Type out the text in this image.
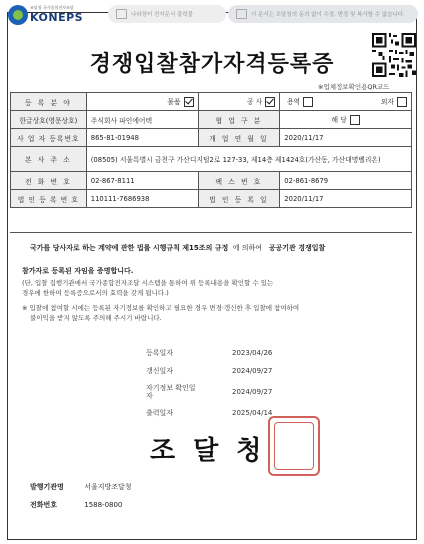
조달청 국가종합전자조달
KONEPS	나라장터 전자문서 출력물	이 문서는 조달청의 동의 없이 수정, 변경 및 복사할 수 없습니다.
※업체정보확인용QR코드
경쟁입찰참가자격등록증
등 록 분 야	물품	공 사	용역	외자
한글상호(영문상호)	주식회사 파인에어텍	협 업 구 분	해 당	
사 업 자 등록번호	865-81-01948	개 업 연 월 일	2020/11/17	
본 사 주 소	(08505) 서울특별시 금천구 가산디지털2로 127-33, 제14층 제1424호(가산동, 가산대명벨리온)			
전 화 번 호	02-867-8111	팩 스 번 호	02-861-8679	
법 인 등 록 번 호	110111-7686938	법 인 등 록 일	2020/11/17	
국가를 당사자로 하는 계약에 관한 법률 시행규칙 제15조의 규정 에 의하여 공공기관 경쟁입찰
참가자로 등록된 자임을 증명합니다.
(단, 입찰 집행기관에서 국가종합전자조달 시스템을 통하여 위 등록내용을 확인할 수 있는
경우에 한하여 등록증으로서의 효력을 갖게 됩니다.)
※ 입찰에 참여할 시에는 등록된 자기정보를 확인하고 필요한 경우 변경·갱신한 후 입찰에 참여하여
불이익을 받지 않도록 주의해 주시기 바랍니다.
등록일자	2023/04/26
갱신일자	2024/09/27
자기정보 확인일자	2024/09/27
출력일자	2025/04/14
조달청
발행기관명	서울지방조달청
전화번호	1588-0800
